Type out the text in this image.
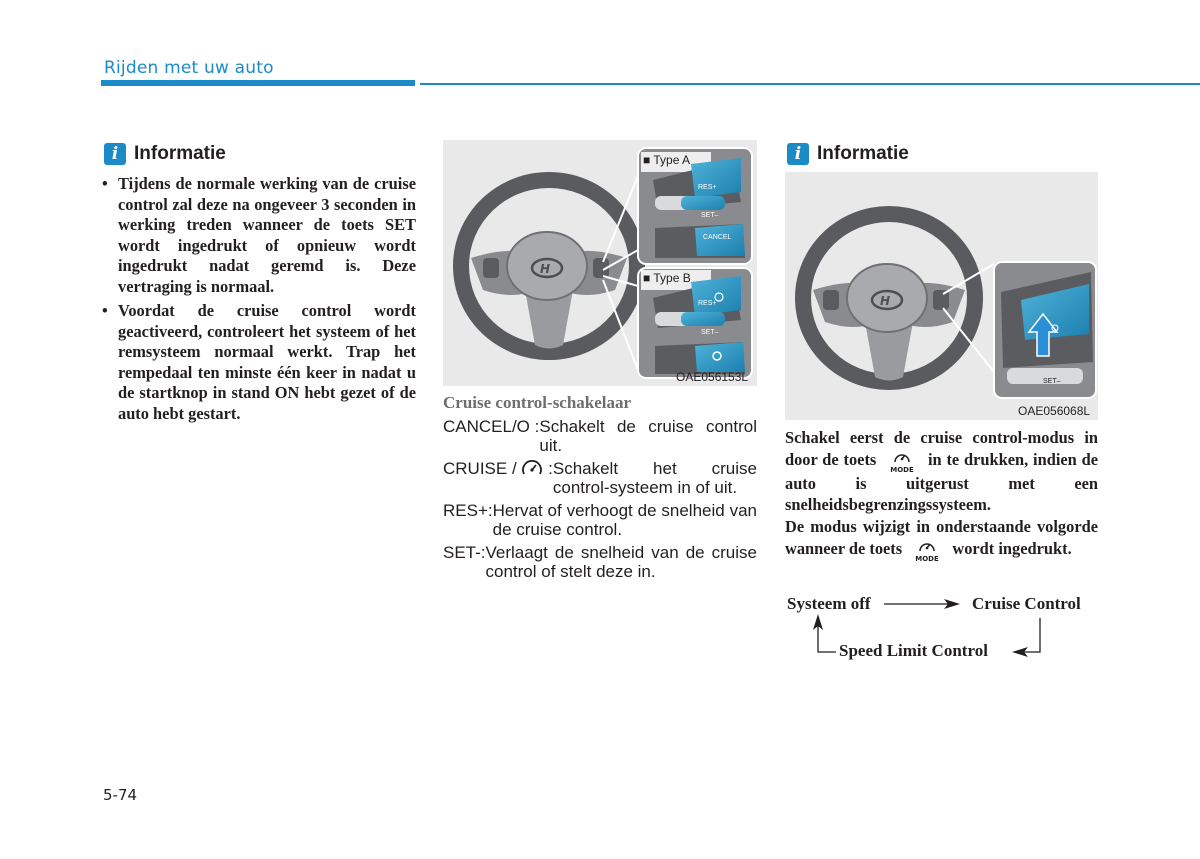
Rijden met uw auto
i Informatie
• Tijdens de normale werking van de cruise control zal deze na ongeveer 3 seconden in werking treden wanneer de toets SET wordt ingedrukt of opnieuw wordt ingedrukt nadat geremd is. Deze vertraging is normaal.
• Voordat de cruise control wordt geactiveerd, controleert het systeem of het remsysteem normaal werkt. Trap het rempedaal ten minste één keer in nadat u de startknop in stand ON hebt gezet of de auto hebt gestart.
H
■ Type A
■ Type B
RES+
SET–
CANCEL
RES+
SET–
OAE056153L
Cruise control-schakelaar
CANCEL/O : Schakelt de cruise control uit.
CRUISE /  : Schakelt het cruise control-systeem in of uit.
RES+: Hervat of verhoogt de snelheid van de cruise control.
SET-: Verlaagt de snelheid van de cruise control of stelt deze in.
i Informatie
H
SET–
OAE056068L
Schakel eerst de cruise control-modus in door de toets
MODE
in te drukken, indien de auto is uitgerust met een snelheidsbegrenzingssysteem.
De modus wijzigt in onderstaande volgorde wanneer de toets
MODE
wordt ingedrukt.
Systeem off	Cruise Control
Speed Limit Control
5-74
